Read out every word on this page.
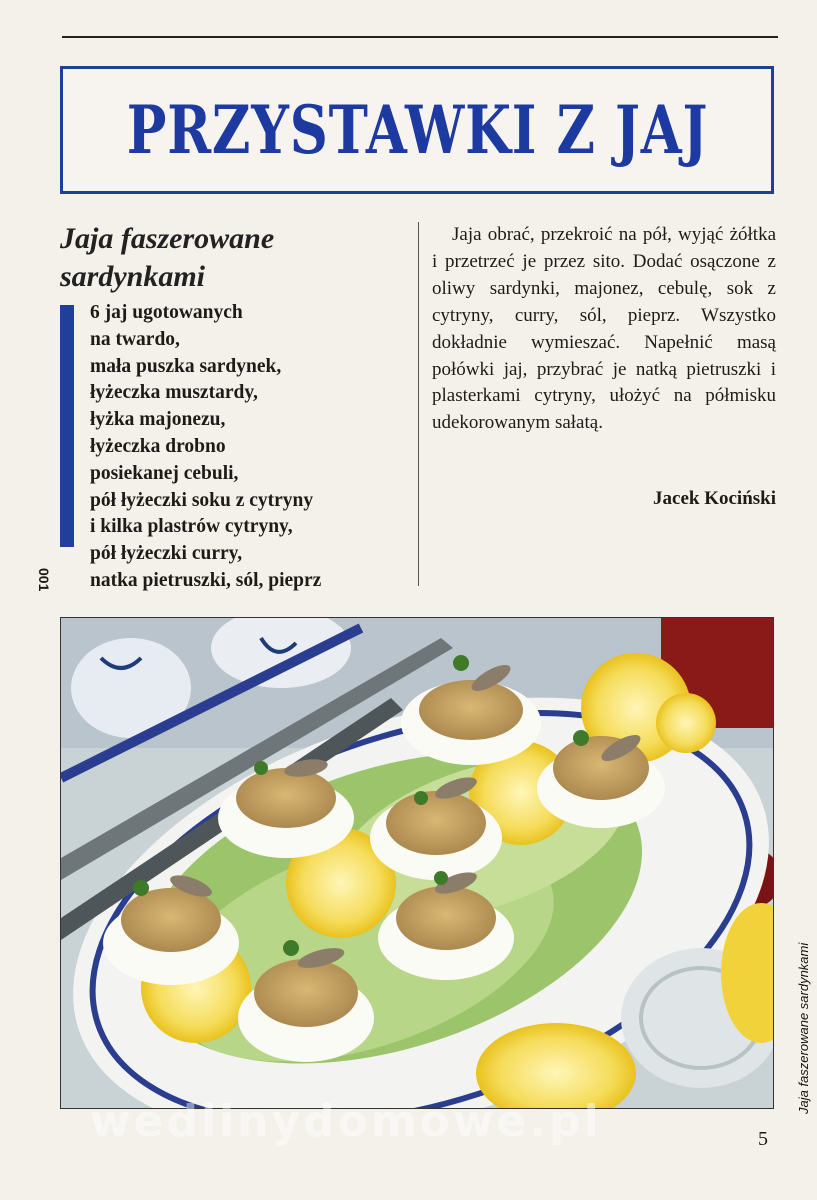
PRZYSTAWKI Z JAJ
Jaja faszerowane
sardynkami
001
6 jaj ugotowanych
na twardo,
mała puszka sardynek,
łyżeczka musztardy,
łyżka majonezu,
łyżeczka drobno
posiekanej cebuli,
pół łyżeczki soku z cytryny
i kilka plastrów cytryny,
pół łyżeczki curry,
natka pietruszki, sól, pieprz

Jaja obrać, przekroić na pół, wyjąć żółtka i przetrzeć je przez sito. Dodać osączone z oliwy sardynki, majonez, cebulę, sok z cytryny, curry, sól, pieprz. Wszystko dokładnie wymieszać. Napełnić masą połówki jaj, przybrać je natką pietruszki i plasterkami cytryny, ułożyć na półmisku udekorowanym sałatą.

Jacek Kociński
Jaja faszerowane sardynkami
wedlinydomowe.pl	5
